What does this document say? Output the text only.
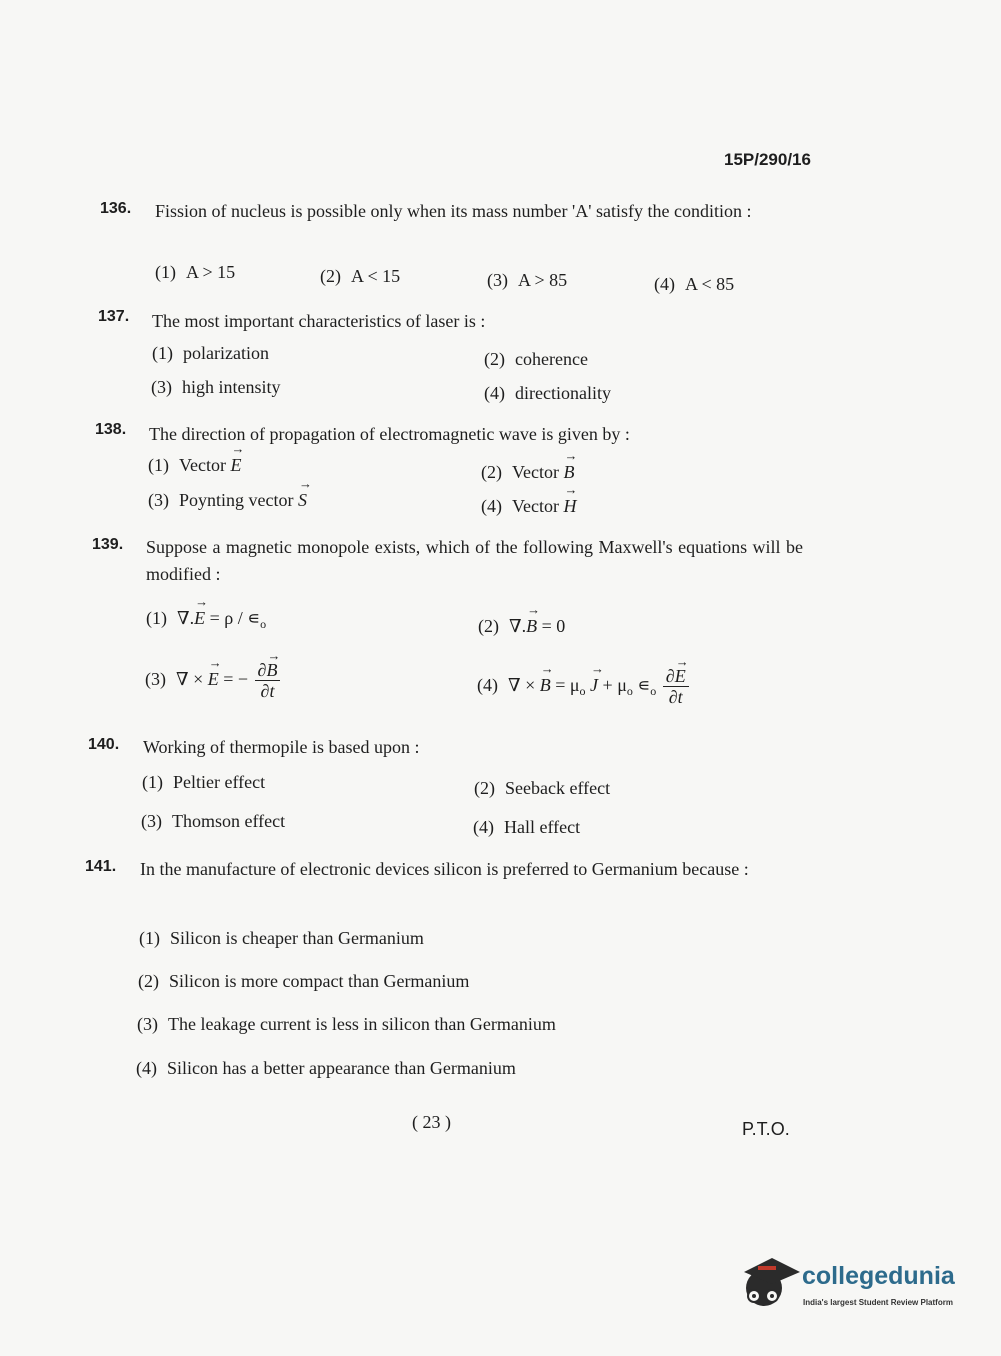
15P/290/16
136. Fission of nucleus is possible only when its mass number 'A' satisfy the condition :
(1) A > 15	(2) A < 15	(3) A > 85	(4) A < 85
137. The most important characteristics of laser is :
(1) polarization	(2) coherence
(3) high intensity	(4) directionality
138. The direction of propagation of electromagnetic wave is given by :
(1) Vector → E	(2) Vector → B
(3) Poynting vector → S	(4) Vector → H
139. Suppose a magnetic monopole exists, which of the following Maxwell's equations will be modified :
(1) ∇.→ $E = \rho / ∊_o$	(2) ∇.→ B = 0
(3) ∇ × → E = − $\frac{\partial\to B}{\partial t}$	(4) ∇ × → $B = \mu_o \to J + \mu_o$ $∊_o \frac{\partial\to E}{\partial t}$
140. Working of thermopile is based upon :
(1) Peltier effect	(2) Seeback effect
(3) Thomson effect	(4) Hall effect
141. In the manufacture of electronic devices silicon is preferred to Germanium because :
(1) Silicon is cheaper than Germanium
(2) Silicon is more compact than Germanium
(3) The leakage current is less in silicon than Germanium
(4) Silicon has a better appearance than Germanium
( 23 )	P.T.O.
collegedunia
India's largest Student Review Platform
